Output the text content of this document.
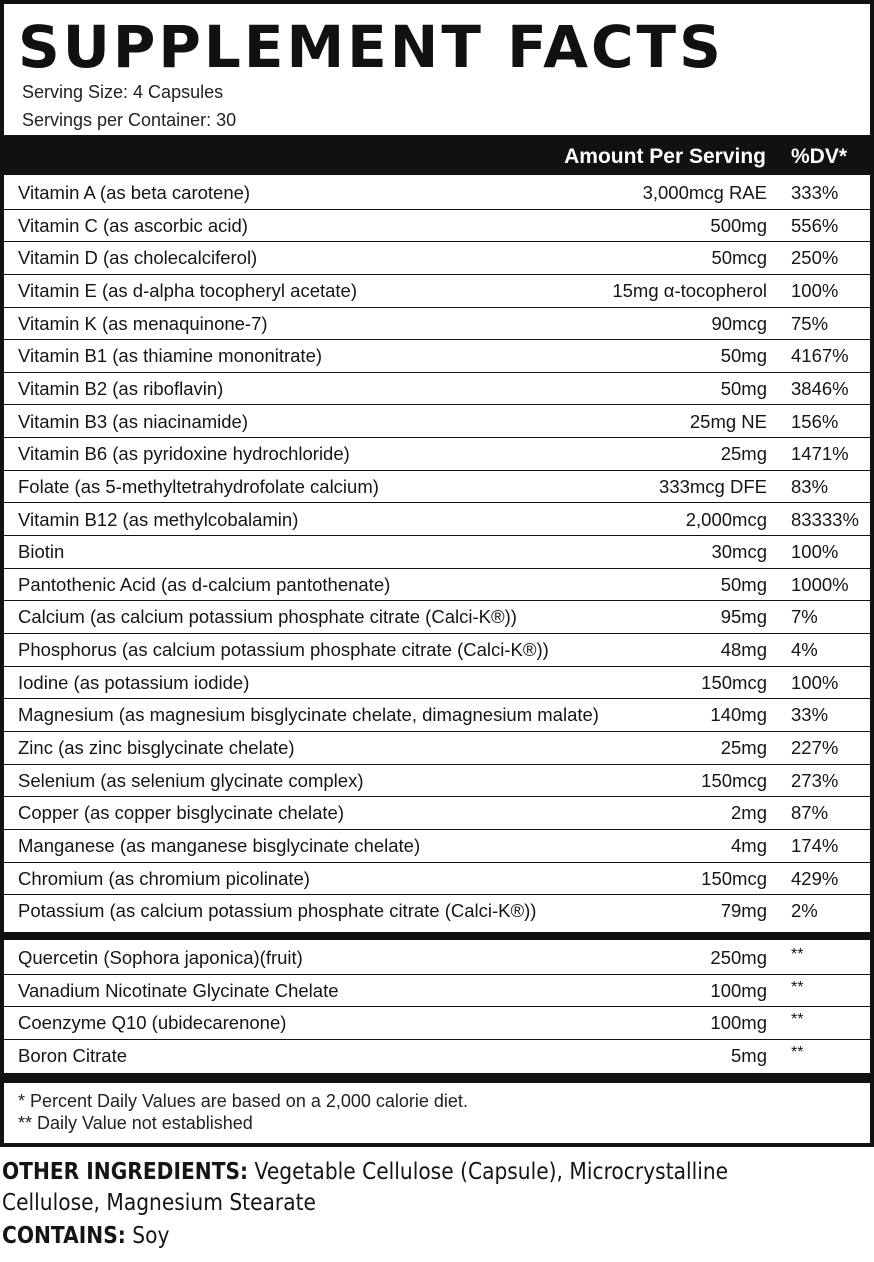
SUPPLEMENT FACTS
Serving Size: 4 Capsules
Servings per Container: 30
Amount Per Serving %DV*
Vitamin A (as beta carotene)	3,000mcg RAE 333%
Vitamin C (as ascorbic acid)	500mg 556%
Vitamin D (as cholecalciferol)	50mcg 250%
Vitamin E (as d-alpha tocopheryl acetate)	15mg α-tocopherol 100%
Vitamin K (as menaquinone-7)	90mcg 75%
Vitamin B1 (as thiamine mononitrate)	50mg 4167%
Vitamin B2 (as riboflavin)	50mg 3846%
Vitamin B3 (as niacinamide)	25mg NE 156%
Vitamin B6 (as pyridoxine hydrochloride)	25mg 1471%
Folate (as 5-methyltetrahydrofolate calcium)	333mcg DFE 83%
Vitamin B12 (as methylcobalamin)	2,000mcg 83333%
Biotin	30mcg 100%
Pantothenic Acid (as d-calcium pantothenate)	50mg 1000%
Calcium (as calcium potassium phosphate citrate (Calci-K®))	95mg 7%
Phosphorus (as calcium potassium phosphate citrate (Calci-K®))	48mg 4%
Iodine (as potassium iodide)	150mcg 100%
Magnesium (as magnesium bisglycinate chelate, dimagnesium malate)	140mg 33%
Zinc (as zinc bisglycinate chelate)	25mg 227%
Selenium (as selenium glycinate complex)	150mcg 273%
Copper (as copper bisglycinate chelate)	2mg 87%
Manganese (as manganese bisglycinate chelate)	4mg 174%
Chromium (as chromium picolinate)	150mcg 429%
Potassium (as calcium potassium phosphate citrate (Calci-K®))	79mg 2%
Quercetin (Sophora japonica)(fruit)	250mg **
Vanadium Nicotinate Glycinate Chelate	100mg **
Coenzyme Q10 (ubidecarenone)	100mg **
Boron Citrate	5mg **
* Percent Daily Values are based on a 2,000 calorie diet.
** Daily Value not established
OTHER INGREDIENTS: Vegetable Cellulose (Capsule), Microcrystalline
Cellulose, Magnesium Stearate
CONTAINS: Soy
